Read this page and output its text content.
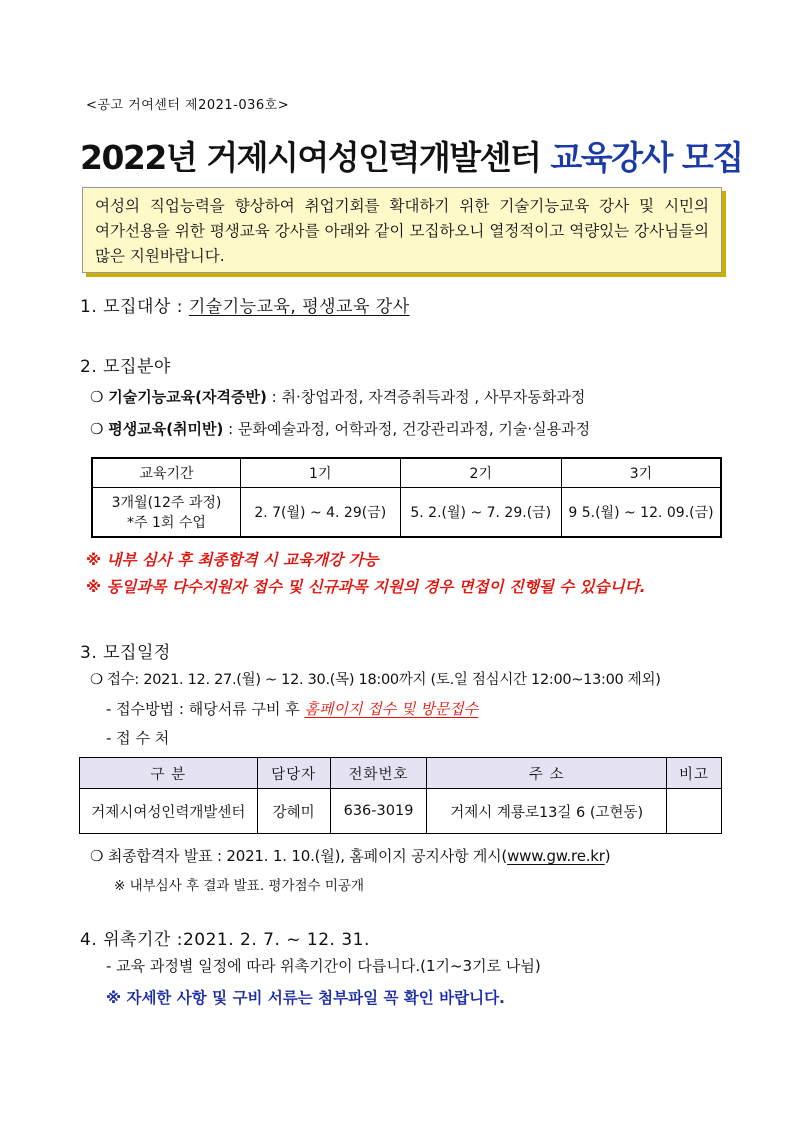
<공고 거여센터 제2021-036호>
2022년 거제시여성인력개발센터 교육강사 모집
여성의 직업능력을 향상하여 취업기회를 확대하기 위한 기술기능교육 강사 및 시민의 여가선용을 위한 평생교육 강사를 아래와 같이 모집하오니 열정적이고 역량있는 강사님들의 많은 지원바랍니다.
1. 모집대상 : 기술기능교육, 평생교육 강사
2. 모집분야
❍ 기술기능교육(자격증반) : 취·창업과정, 자격증취득과정 , 사무자동화과정
❍ 평생교육(취미반) : 문화예술과정, 어학과정, 건강관리과정, 기술·실용과정
교육기간	1기	2기	3기

3개월(12주 과정)
*주 1회 수업	2. 7(월) ~ 4. 29(금)	5. 2.(월) ~ 7. 29.(금)	9 5.(월) ~ 12. 09.(금)
※ 내부 심사 후 최종합격 시 교육개강 가능
※ 동일과목 다수지원자 접수 및 신규과목 지원의 경우 면접이 진행될 수 있습니다.
3. 모집일정
❍ 접수: 2021. 12. 27.(월) ~ 12. 30.(목) 18:00까지 (토.일 점심시간 12:00~13:00 제외)
- 접수방법 : 해당서류 구비 후 홈페이지 접수 및 방문접수
- 접 수 처
구 분	담당자	전화번호	주 소	비고
거제시여성인력개발센터	강혜미	636-3019	거제시 계룡로13길 6 (고현동)	
❍ 최종합격자 발표 : 2021. 1. 10.(월), 홈페이지 공지사항 게시(www.gw.re.kr)
※ 내부심사 후 결과 발표. 평가점수 미공개
4. 위촉기간 :2021. 2. 7. ~ 12. 31.
- 교육 과정별 일정에 따라 위촉기간이 다릅니다.(1기~3기로 나뉨)
※ 자세한 사항 및 구비 서류는 첨부파일 꼭 확인 바랍니다.
